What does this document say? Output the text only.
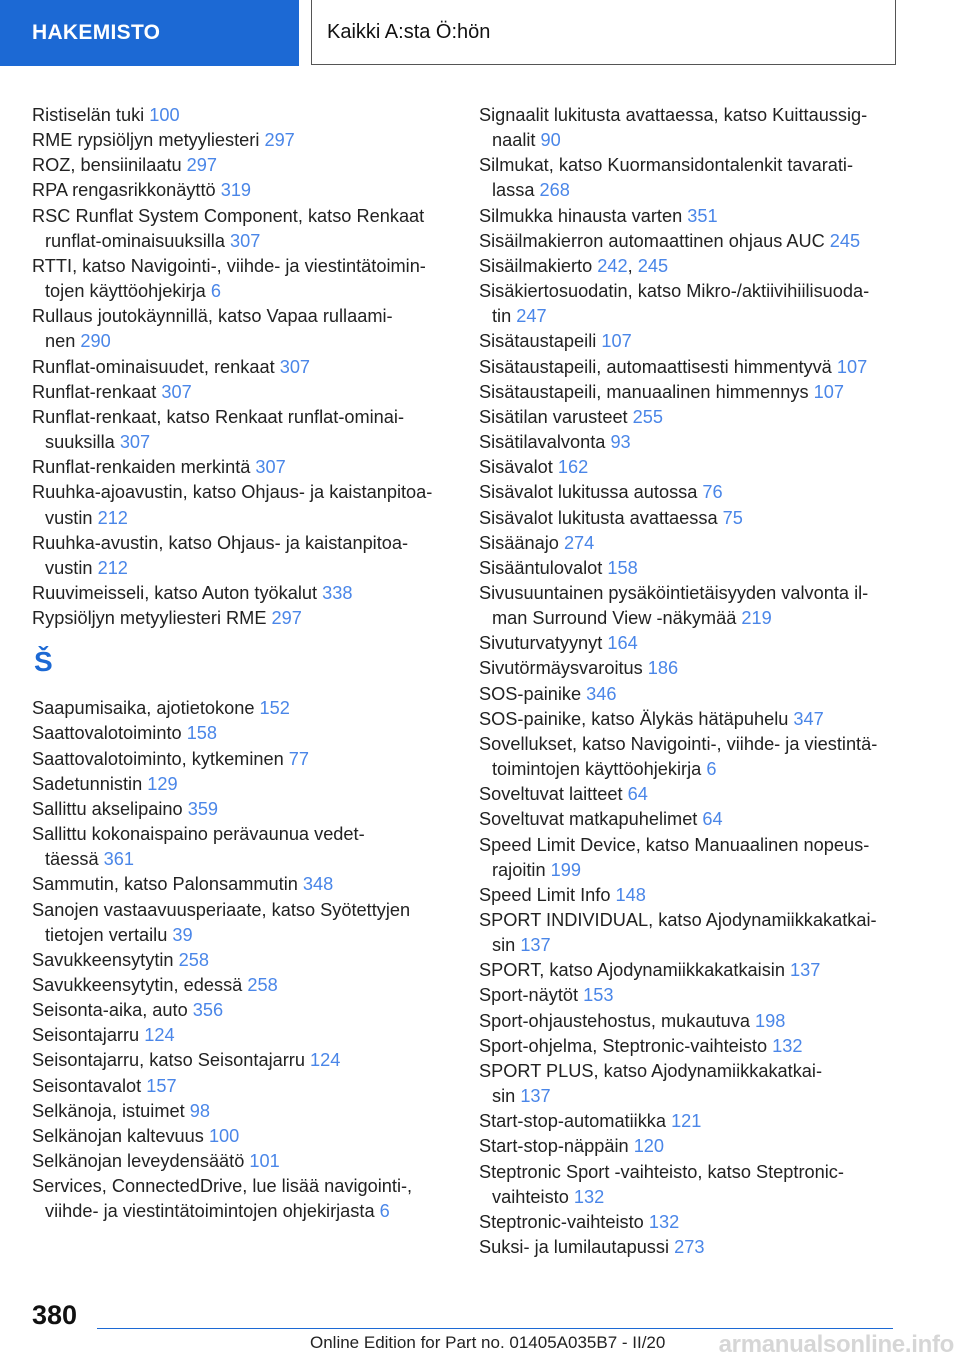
HAKEMISTO	Kaikki A:sta Ö:hön
Ristiselän tuki 100
RME rypsiöljyn metyyliesteri 297
ROZ, bensiinilaatu 297
RPA rengasrikkonäyttö 319
RSC Runflat System Component, katso Renkaat
runflat-ominaisuuksilla 307
RTTI, katso Navigointi-, viihde- ja viestintätoimin-
tojen käyttöohjekirja 6
Rullaus joutokäynnillä, katso Vapaa rullaami-
nen 290
Runflat-ominaisuudet, renkaat 307
Runflat-renkaat 307
Runflat-renkaat, katso Renkaat runflat-ominai-
suuksilla 307
Runflat-renkaiden merkintä 307
Ruuhka-ajoavustin, katso Ohjaus- ja kaistanpitoa-
vustin 212
Ruuhka-avustin, katso Ohjaus- ja kaistanpitoa-
vustin 212
Ruuvimeisseli, katso Auton työkalut 338
Rypsiöljyn metyyliesteri RME 297
Š
Saapumisaika, ajotietokone 152
Saattovalotoiminto 158
Saattovalotoiminto, kytkeminen 77
Sadetunnistin 129
Sallittu akselipaino 359
Sallittu kokonaispaino perävaunua vedet-
täessä 361
Sammutin, katso Palonsammutin 348
Sanojen vastaavuusperiaate, katso Syötettyjen
tietojen vertailu 39
Savukkeensytytin 258
Savukkeensytytin, edessä 258
Seisonta-aika, auto 356
Seisontajarru 124
Seisontajarru, katso Seisontajarru 124
Seisontavalot 157
Selkänoja, istuimet 98
Selkänojan kaltevuus 100
Selkänojan leveydensäätö 101
Services, ConnectedDrive, lue lisää navigointi-,
viihde- ja viestintätoimintojen ohjekirjasta 6
Signaalit lukitusta avattaessa, katso Kuittaussig-
naalit 90
Silmukat, katso Kuormansidontalenkit tavarati-
lassa 268
Silmukka hinausta varten 351
Sisäilmakierron automaattinen ohjaus AUC 245
Sisäilmakierto 242, 245
Sisäkiertosuodatin, katso Mikro-/aktiivihiilisuoda-
tin 247
Sisätaustapeili 107
Sisätaustapeili, automaattisesti himmentyvä 107
Sisätaustapeili, manuaalinen himmennys 107
Sisätilan varusteet 255
Sisätilavalvonta 93
Sisävalot 162
Sisävalot lukitussa autossa 76
Sisävalot lukitusta avattaessa 75
Sisäänajo 274
Sisääntulovalot 158
Sivusuuntainen pysäköintietäisyyden valvonta il-
man Surround View -näkymää 219
Sivuturvatyynyt 164
Sivutörmäysvaroitus 186
SOS-painike 346
SOS-painike, katso Älykäs hätäpuhelu 347
Sovellukset, katso Navigointi-, viihde- ja viestintä-
toimintojen käyttöohjekirja 6
Soveltuvat laitteet 64
Soveltuvat matkapuhelimet 64
Speed Limit Device, katso Manuaalinen nopeus-
rajoitin 199
Speed Limit Info 148
SPORT INDIVIDUAL, katso Ajodynamiikkakatkai-
sin 137
SPORT, katso Ajodynamiikkakatkaisin 137
Sport-näytöt 153
Sport-ohjaustehostus, mukautuva 198
Sport-ohjelma, Steptronic-vaihteisto 132
SPORT PLUS, katso Ajodynamiikkakatkai-
sin 137
Start-stop-automatiikka 121
Start-stop-näppäin 120
Steptronic Sport -vaihteisto, katso Steptronic-
vaihteisto 132
Steptronic-vaihteisto 132
Suksi- ja lumilautapussi 273
380
Online Edition for Part no. 01405A035B7 - II/20 armanualsonline.info
